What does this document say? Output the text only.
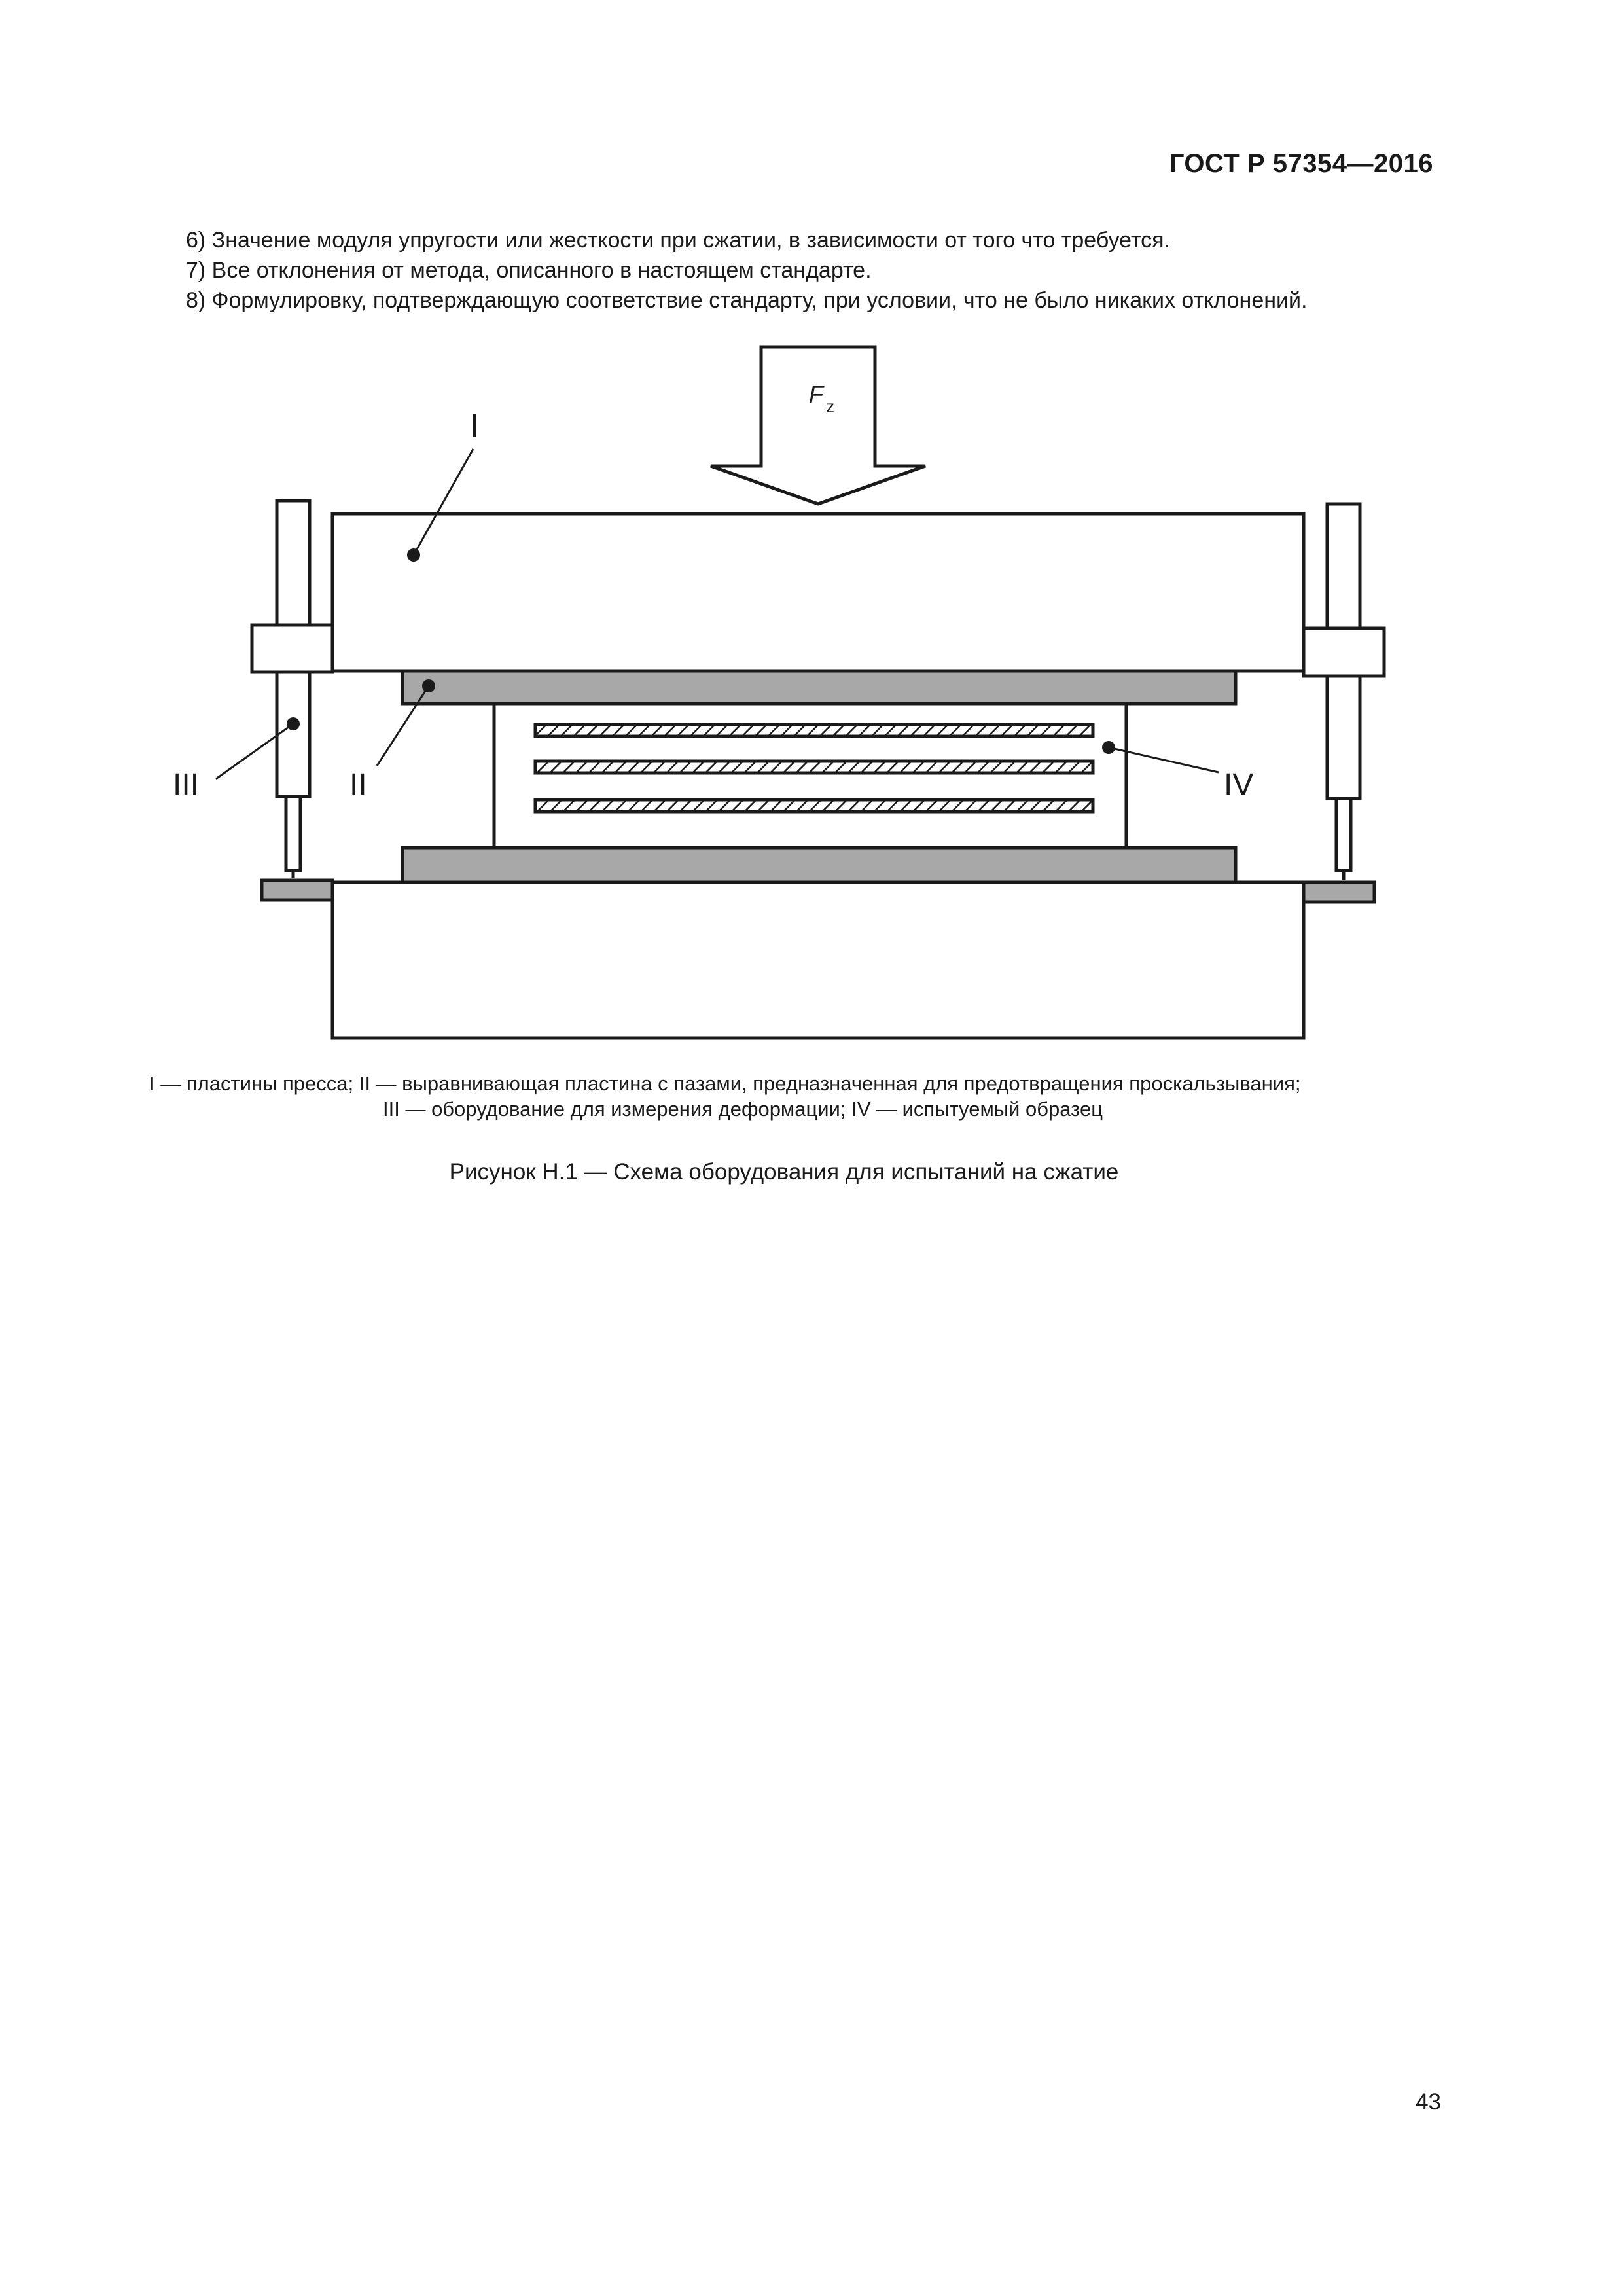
ГОСТ Р 57354—2016
6) Значение модуля упругости или жесткости при сжатии, в зависимости от того что требуется.
7) Все отклонения от метода, описанного в настоящем стандарте.
8) Формулировку, подтверждающую соответствие стандарту, при условии, что не было никаких отклонений.
F z
I
II
III	IV
I — пластины пресса; II — выравнивающая пластина с пазами, предназначенная для предотвращения проскальзывания;
III — оборудование для измерения деформации; IV — испытуемый образец
Рисунок Н.1 — Схема оборудования для испытаний на сжатие
43
